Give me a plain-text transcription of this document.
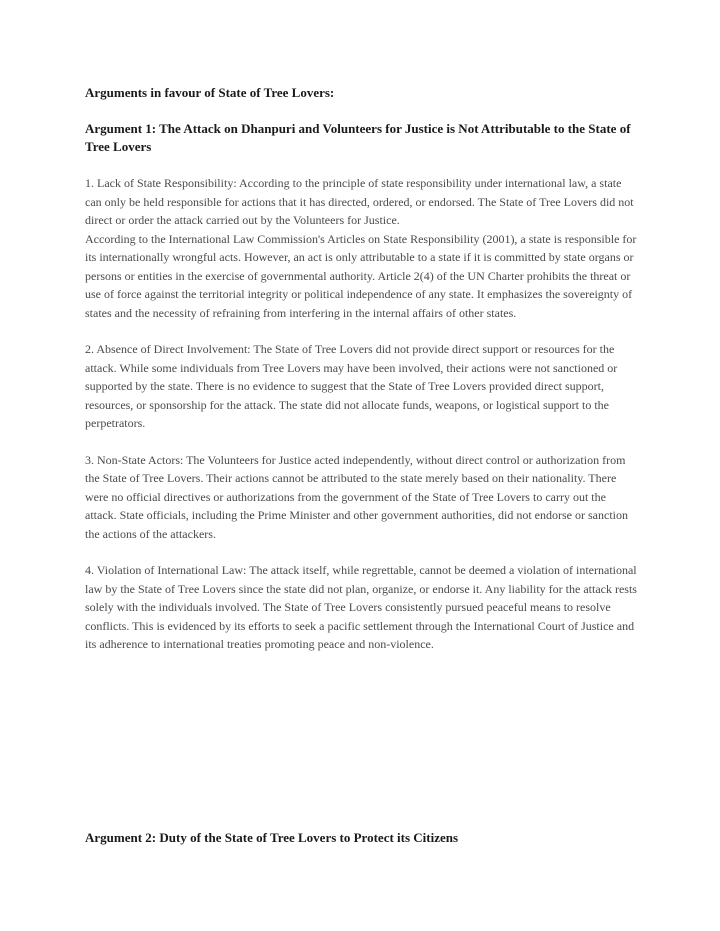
Arguments in favour of State of Tree Lovers:

Argument 1: The Attack on Dhanpuri and Volunteers for Justice is Not Attributable to the State of Tree Lovers

1. Lack of State Responsibility: According to the principle of state responsibility under international law, a state can only be held responsible for actions that it has directed, ordered, or endorsed. The State of Tree Lovers did not direct or order the attack carried out by the Volunteers for Justice.

According to the International Law Commission's Articles on State Responsibility (2001), a state is responsible for its internationally wrongful acts. However, an act is only attributable to a state if it is committed by state organs or persons or entities in the exercise of governmental authority. Article 2(4) of the UN Charter prohibits the threat or use of force against the territorial integrity or political independence of any state. It emphasizes the sovereignty of states and the necessity of refraining from interfering in the internal affairs of other states.

2. Absence of Direct Involvement: The State of Tree Lovers did not provide direct support or resources for the attack. While some individuals from Tree Lovers may have been involved, their actions were not sanctioned or supported by the state. There is no evidence to suggest that the State of Tree Lovers provided direct support, resources, or sponsorship for the attack. The state did not allocate funds, weapons, or logistical support to the perpetrators.

3. Non-State Actors: The Volunteers for Justice acted independently, without direct control or authorization from the State of Tree Lovers. Their actions cannot be attributed to the state merely based on their nationality. There were no official directives or authorizations from the government of the State of Tree Lovers to carry out the attack. State officials, including the Prime Minister and other government authorities, did not endorse or sanction the actions of the attackers.

4. Violation of International Law: The attack itself, while regrettable, cannot be deemed a violation of international law by the State of Tree Lovers since the state did not plan, organize, or endorse it. Any liability for the attack rests solely with the individuals involved. The State of Tree Lovers consistently pursued peaceful means to resolve conflicts. This is evidenced by its efforts to seek a pacific settlement through the International Court of Justice and its adherence to international treaties promoting peace and non-violence.

Argument 2: Duty of the State of Tree Lovers to Protect its Citizens
